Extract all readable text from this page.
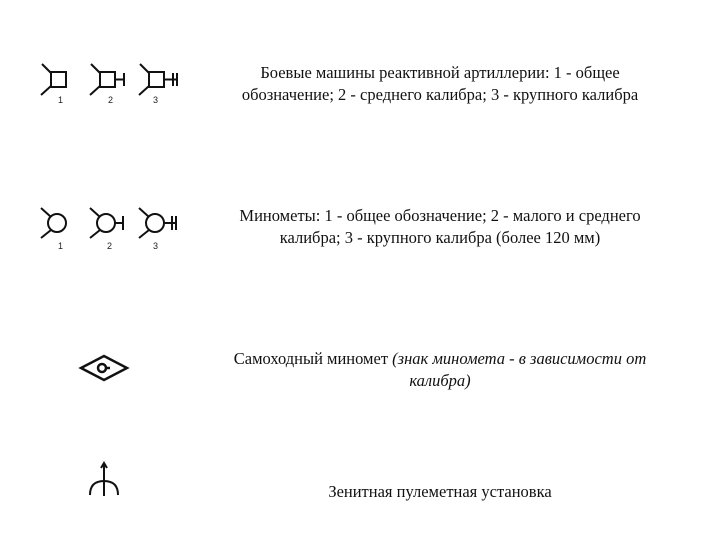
1	2	3
Боевые машины реактивной артиллерии: 1 - общее
обозначение; 2 - среднего калибра; 3 - крупного калибра
1	2	3
Минометы: 1 - общее обозначение; 2 - малого и среднего
калибра; 3 - крупного калибра (более 120 мм)
Самоходный миномет (знак миномета - в зависимости от
калибра)
Зенитная пулеметная установка
